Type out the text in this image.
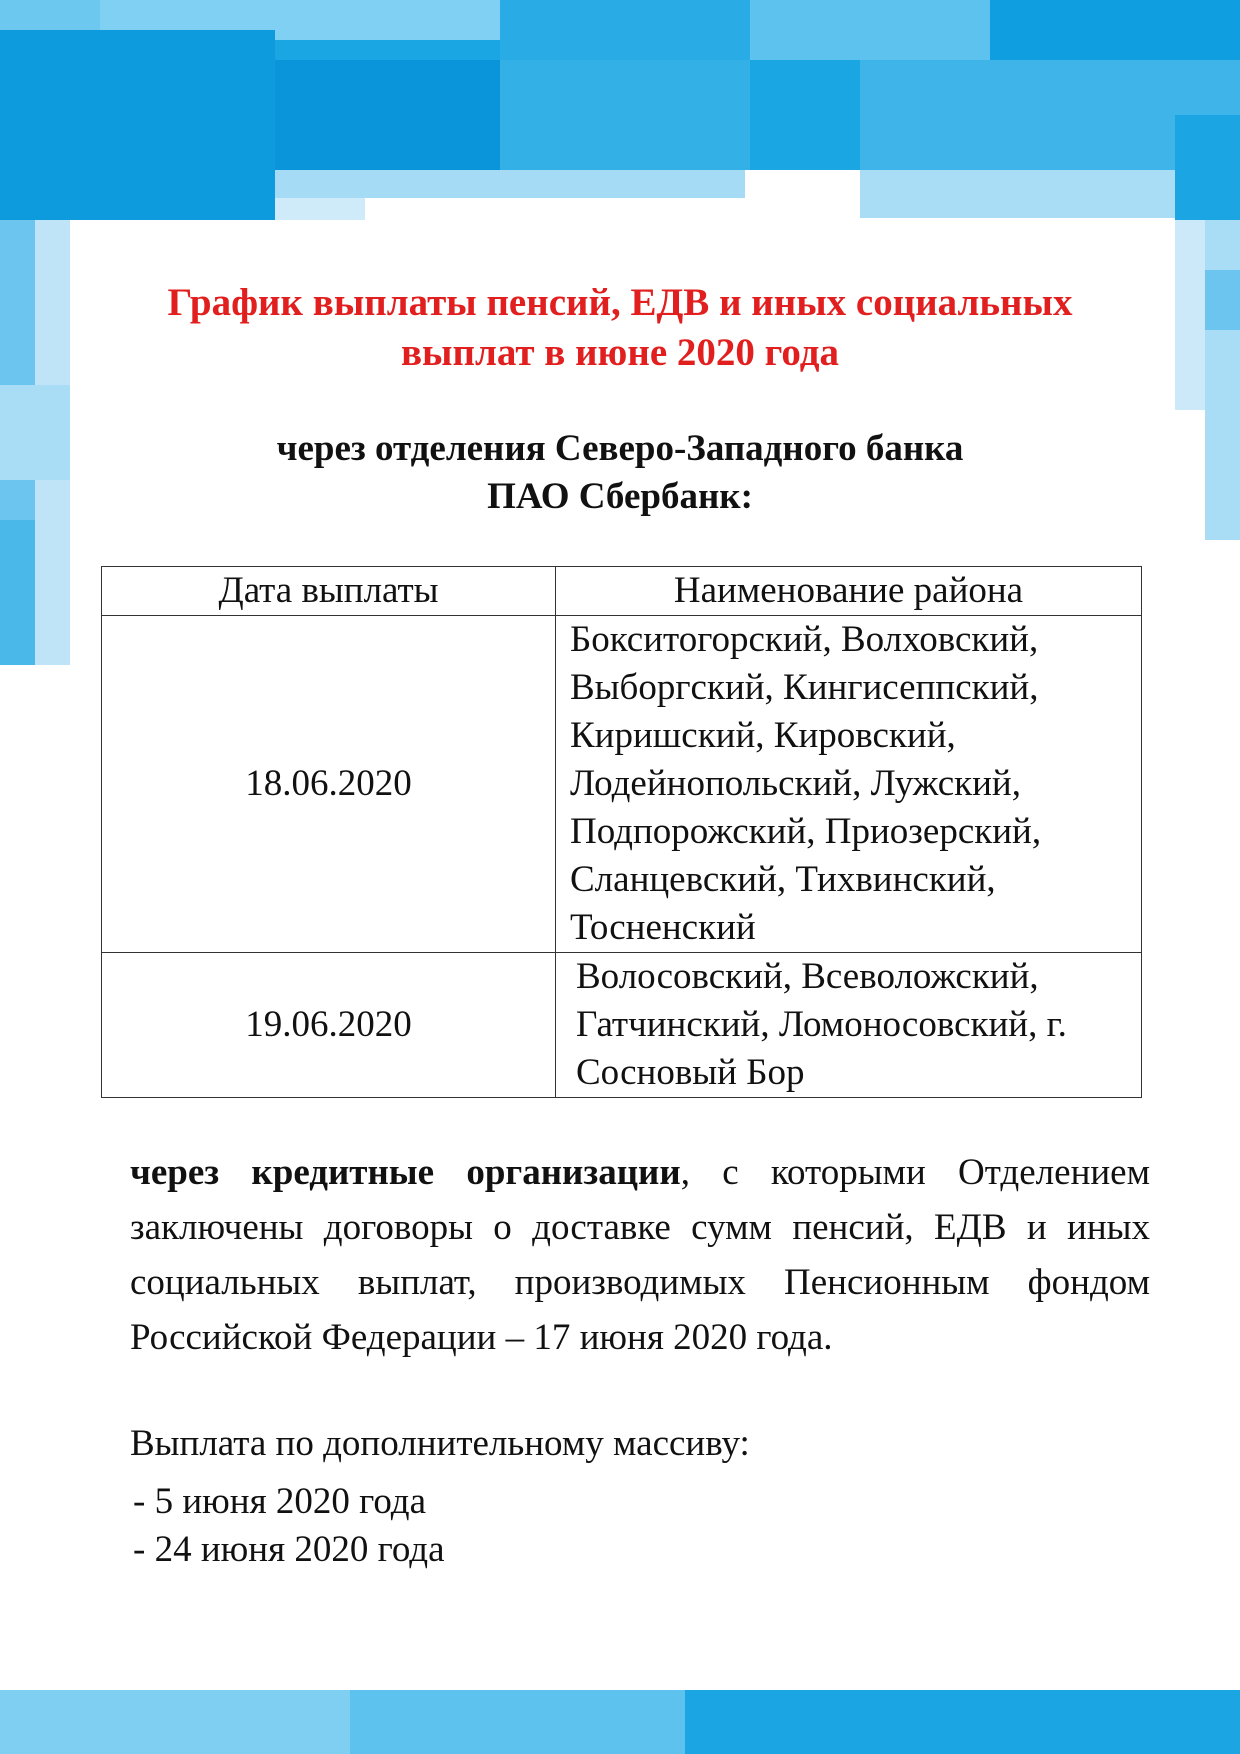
График выплаты пенсий, ЕДВ и иных социальных выплат в июне 2020 года
через отделения Северо-Западного банка
ПАО Сбербанк:
Дата выплаты	Наименование района
18.06.2020	Бокситогорский, Волховский, Выборгский, Кингисеппский, Киришский, Кировский, Лодейнопольский, Лужский, Подпорожский, Приозерский, Сланцевский, Тихвинский, Тосненский
19.06.2020	Волосовский, Всеволожский, Гатчинский, Ломоносовский, г. Сосновый Бор
через кредитные организации, с которыми Отделением заключены договоры о доставке сумм пенсий, ЕДВ и иных социальных выплат, производимых Пенсионным фондом Российской Федерации – 17 июня 2020 года.
Выплата по дополнительному массиву:
- 5 июня 2020 года
- 24 июня 2020 года
